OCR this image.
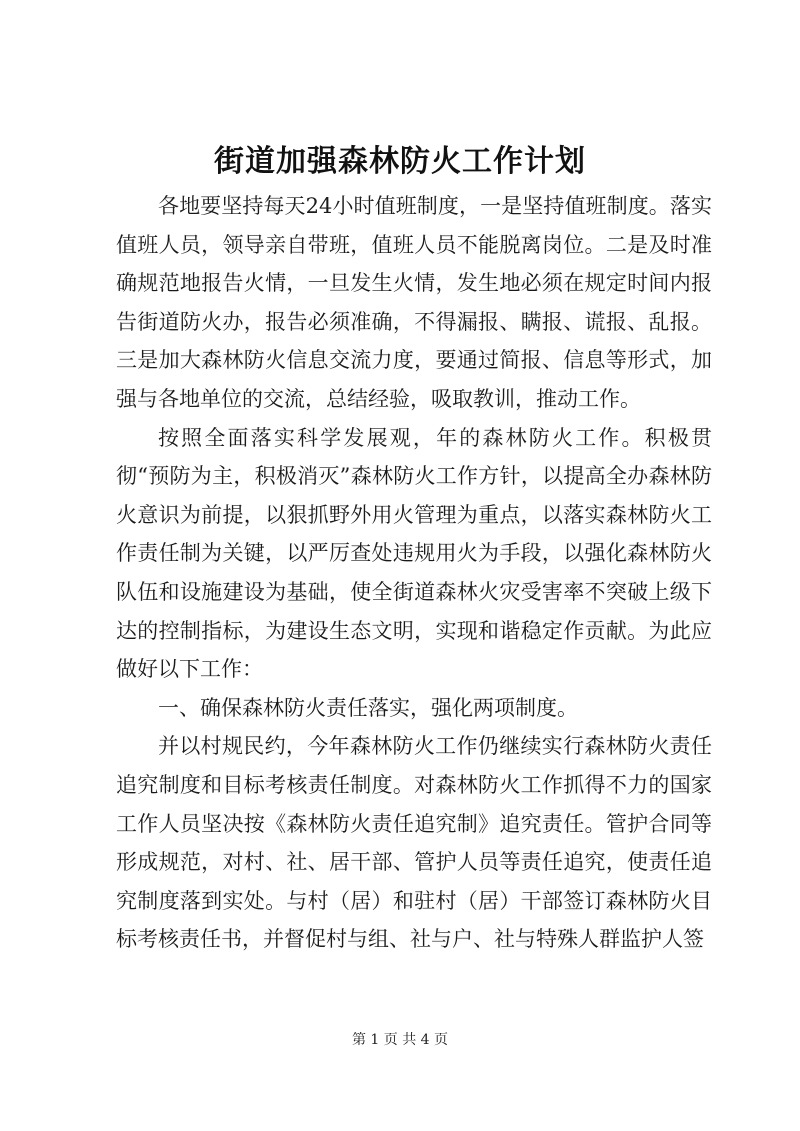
街道加强森林防火工作计划

各地要坚持每天24小时值班制度，一是坚持值班制度。落实值班人员，领导亲自带班，值班人员不能脱离岗位。二是及时准确规范地报告火情，一旦发生火情，发生地必须在规定时间内报告街道防火办，报告必须准确，不得漏报、瞒报、谎报、乱报。三是加大森林防火信息交流力度，要通过简报、信息等形式，加强与各地单位的交流，总结经验，吸取教训，推动工作。

按照全面落实科学发展观，年的森林防火工作。积极贯彻“预防为主，积极消灭”森林防火工作方针，以提高全办森林防火意识为前提，以狠抓野外用火管理为重点，以落实森林防火工作责任制为关键，以严厉查处违规用火为手段，以强化森林防火队伍和设施建设为基础，使全街道森林火灾受害率不突破上级下达的控制指标，为建设生态文明，实现和谐稳定作贡献。为此应做好以下工作：

一、确保森林防火责任落实，强化两项制度。

并以村规民约，今年森林防火工作仍继续实行森林防火责任追究制度和目标考核责任制度。对森林防火工作抓得不力的国家工作人员坚决按《森林防火责任追究制》追究责任。管护合同等形成规范，对村、社、居干部、管护人员等责任追究，使责任追究制度落到实处。与村（居）和驻村（居）干部签订森林防火目标考核责任书，并督促村与组、社与户、社与特殊人群监护人签

第 1 页 共 4 页
